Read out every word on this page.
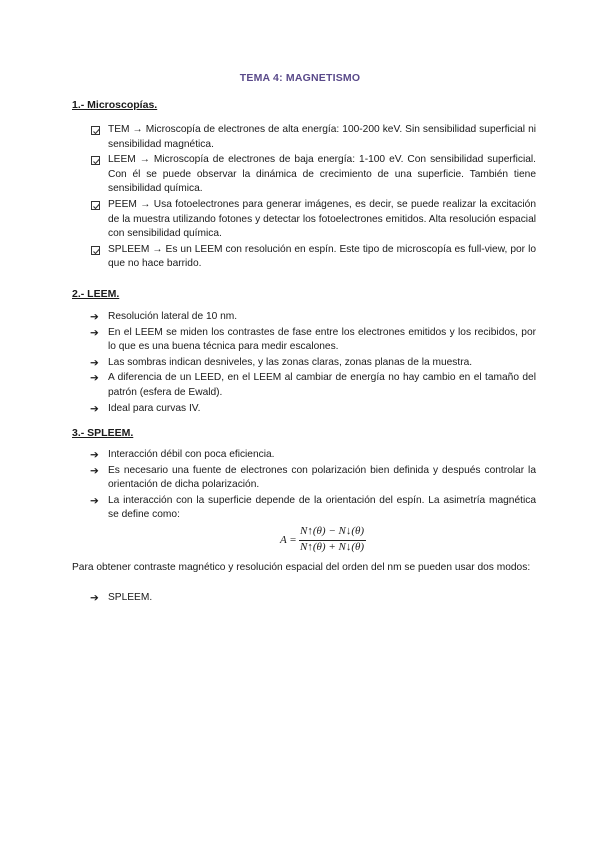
TEMA 4: MAGNETISMO
1.- Microscopías.
TEM → Microscopía de electrones de alta energía: 100-200 keV. Sin sensibilidad superficial ni sensibilidad magnética.
LEEM → Microscopía de electrones de baja energía: 1-100 eV. Con sensibilidad superficial. Con él se puede observar la dinámica de crecimiento de una superficie. También tiene sensibilidad química.
PEEM → Usa fotoelectrones para generar imágenes, es decir, se puede realizar la excitación de la muestra utilizando fotones y detectar los fotoelectrones emitidos. Alta resolución espacial con sensibilidad química.
SPLEEM → Es un LEEM con resolución en espín. Este tipo de microscopía es full-view, por lo que no hace barrido.
2.- LEEM.
➔ Resolución lateral de 10 nm.
➔ En el LEEM se miden los contrastes de fase entre los electrones emitidos y los recibidos, por lo que es una buena técnica para medir escalones.
➔ Las sombras indican desniveles, y las zonas claras, zonas planas de la muestra.
➔ A diferencia de un LEED, en el LEEM al cambiar de energía no hay cambio en el tamaño del patrón (esfera de Ewald).
➔ Ideal para curvas IV.
3.- SPLEEM.
➔ Interacción débil con poca eficiencia.
➔ Es necesario una fuente de electrones con polarización bien definida y después controlar la orientación de dicha polarización.
➔ La interacción con la superficie depende de la orientación del espín. La asimetría magnética se define como:
A =
N↑(θ) − N↓(θ)
N↑(θ) + N↓(θ)
Para obtener contraste magnético y resolución espacial del orden del nm se pueden usar dos modos:
➔ SPLEEM.
